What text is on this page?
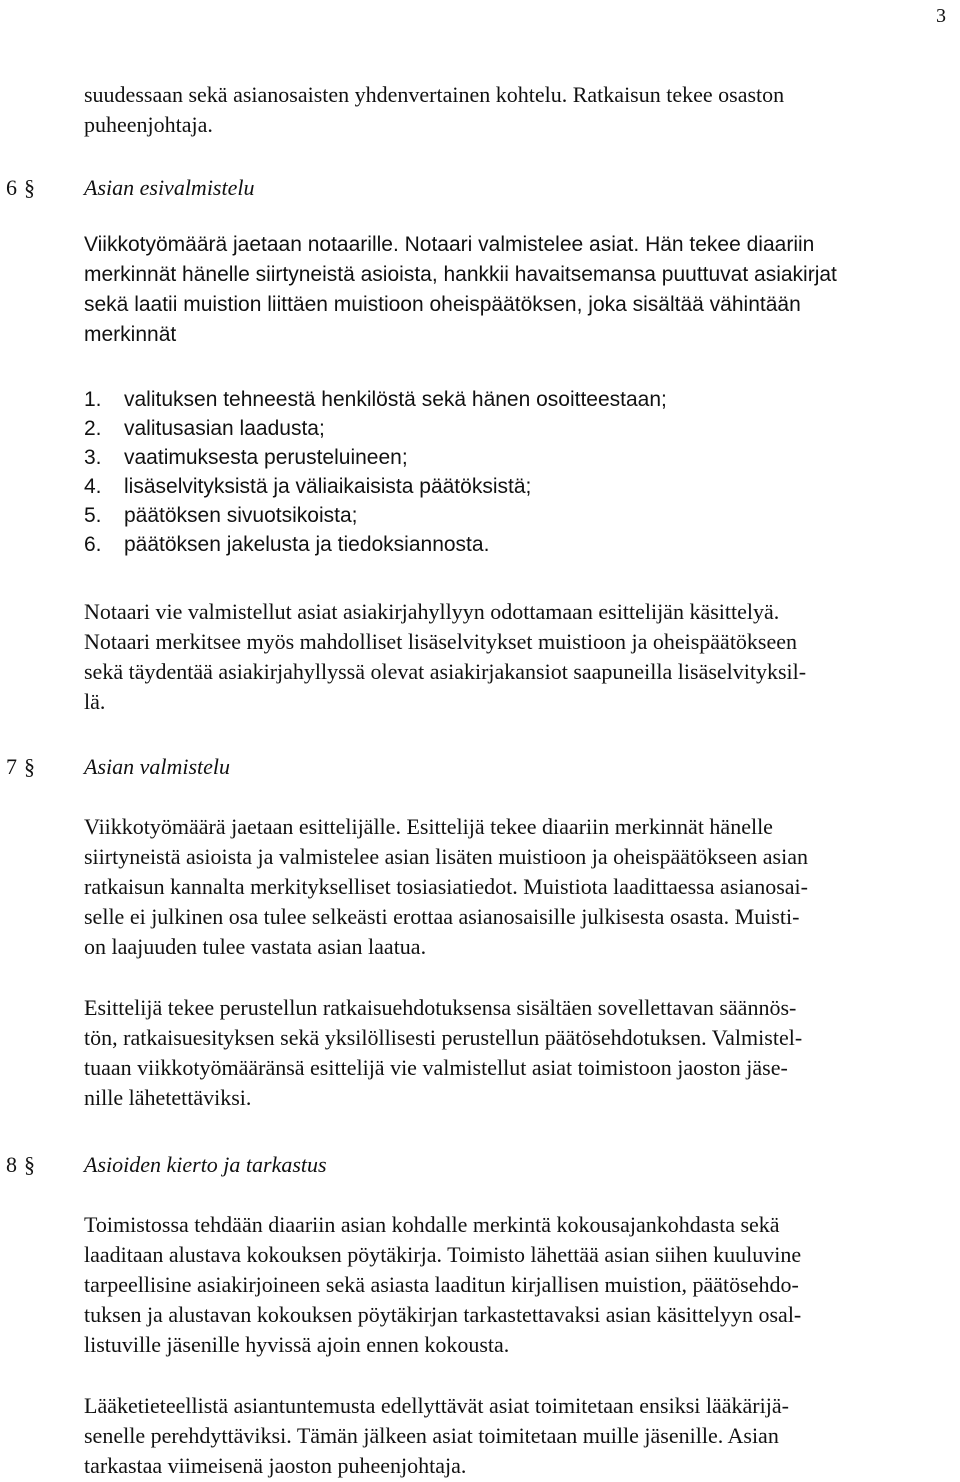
3
suudessaan sekä asianosaisten yhdenvertainen kohtelu. Ratkaisun tekee osaston
puheenjohtaja.
6 § Asian esivalmistelu
Viikkotyömäärä jaetaan notaarille. Notaari valmistelee asiat. Hän tekee diaariin
merkinnät hänelle siirtyneistä asioista, hankkii havaitsemansa puuttuvat asiakirjat
sekä laatii muistion liittäen muistioon oheispäätöksen, joka sisältää vähintään
merkinnät
1. valituksen tehneestä henkilöstä sekä hänen osoitteestaan;
2. valitusasian laadusta;
3. vaatimuksesta perusteluineen;
4. lisäselvityksistä ja väliaikaisista päätöksistä;
5. päätöksen sivuotsikoista;
6. päätöksen jakelusta ja tiedoksiannosta.
Notaari vie valmistellut asiat asiakirjahyllyyn odottamaan esittelijän käsittelyä.
Notaari merkitsee myös mahdolliset lisäselvitykset muistioon ja oheispäätökseen
sekä täydentää asiakirjahyllyssä olevat asiakirjakansiot saapuneilla lisäselvityksil-
lä.
7 § Asian valmistelu
Viikkotyömäärä jaetaan esittelijälle. Esittelijä tekee diaariin merkinnät hänelle
siirtyneistä asioista ja valmistelee asian lisäten muistioon ja oheispäätökseen asian
ratkaisun kannalta merkitykselliset tosiasiatiedot. Muistiota laadittaessa asianosai-
selle ei julkinen osa tulee selkeästi erottaa asianosaisille julkisesta osasta. Muisti-
on laajuuden tulee vastata asian laatua.
Esittelijä tekee perustellun ratkaisuehdotuksensa sisältäen sovellettavan säännös-
tön, ratkaisuesityksen sekä yksilöllisesti perustellun päätösehdotuksen. Valmistel-
tuaan viikkotyömääränsä esittelijä vie valmistellut asiat toimistoon jaoston jäse-
nille lähetettäviksi.
8 § Asioiden kierto ja tarkastus
Toimistossa tehdään diaariin asian kohdalle merkintä kokousajankohdasta sekä
laaditaan alustava kokouksen pöytäkirja. Toimisto lähettää asian siihen kuuluvine
tarpeellisine asiakirjoineen sekä asiasta laaditun kirjallisen muistion, päätösehdo-
tuksen ja alustavan kokouksen pöytäkirjan tarkastettavaksi asian käsittelyyn osal-
listuville jäsenille hyvissä ajoin ennen kokousta.
Lääketieteellistä asiantuntemusta edellyttävät asiat toimitetaan ensiksi lääkärijä-
senelle perehdyttäviksi. Tämän jälkeen asiat toimitetaan muille jäsenille. Asian
tarkastaa viimeisenä jaoston puheenjohtaja.
